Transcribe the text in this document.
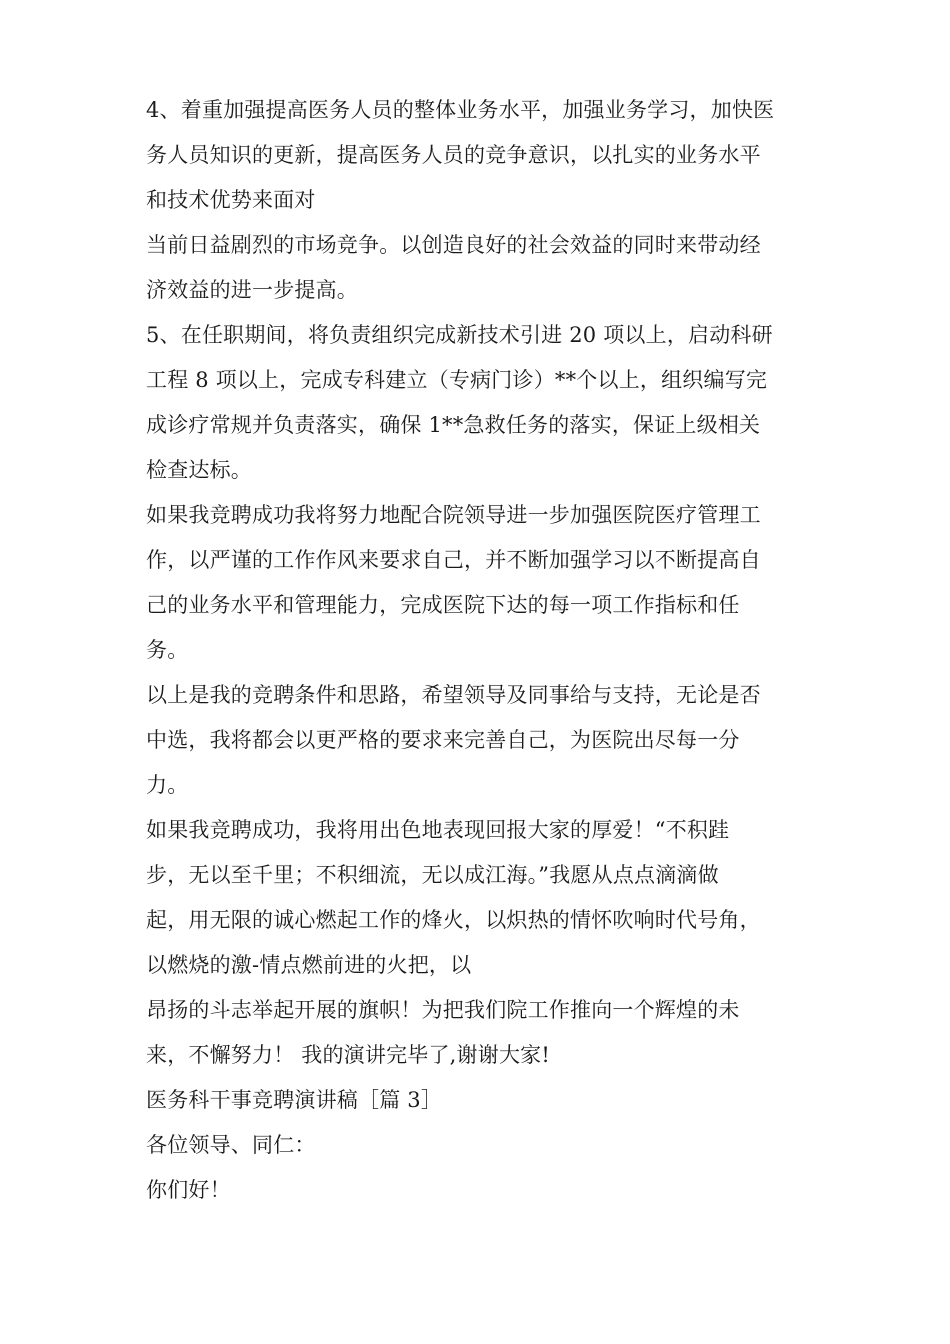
4、着重加强提高医务人员的整体业务水平，加强业务学习，加快医
务人员知识的更新，提高医务人员的竞争意识，以扎实的业务水平
和技术优势来面对
当前日益剧烈的市场竞争。以创造良好的社会效益的同时来带动经
济效益的进一步提高。
5、在任职期间，将负责组织完成新技术引进 20 项以上，启动科研
工程 8 项以上，完成专科建立（专病门诊）**个以上，组织编写完
成诊疗常规并负责落实，确保 1**急救任务的落实，保证上级相关
检查达标。
如果我竞聘成功我将努力地配合院领导进一步加强医院医疗管理工
作，以严谨的工作作风来要求自己，并不断加强学习以不断提高自
己的业务水平和管理能力，完成医院下达的每一项工作指标和任
务。
以上是我的竞聘条件和思路，希望领导及同事给与支持，无论是否
中选，我将都会以更严格的要求来完善自己，为医院出尽每一分
力。
如果我竞聘成功，我将用出色地表现回报大家的厚爱！“不积跬
步，无以至千里；不积细流，无以成江海。”我愿从点点滴滴做
起，用无限的诚心燃起工作的烽火，以炽热的情怀吹响时代号角，
以燃烧的激-情点燃前进的火把，以
昂扬的斗志举起开展的旗帜！为把我们院工作推向一个辉煌的未
来，不懈努力！ 我的演讲完毕了,谢谢大家!
医务科干事竞聘演讲稿［篇 3］
各位领导、同仁：
你们好！
